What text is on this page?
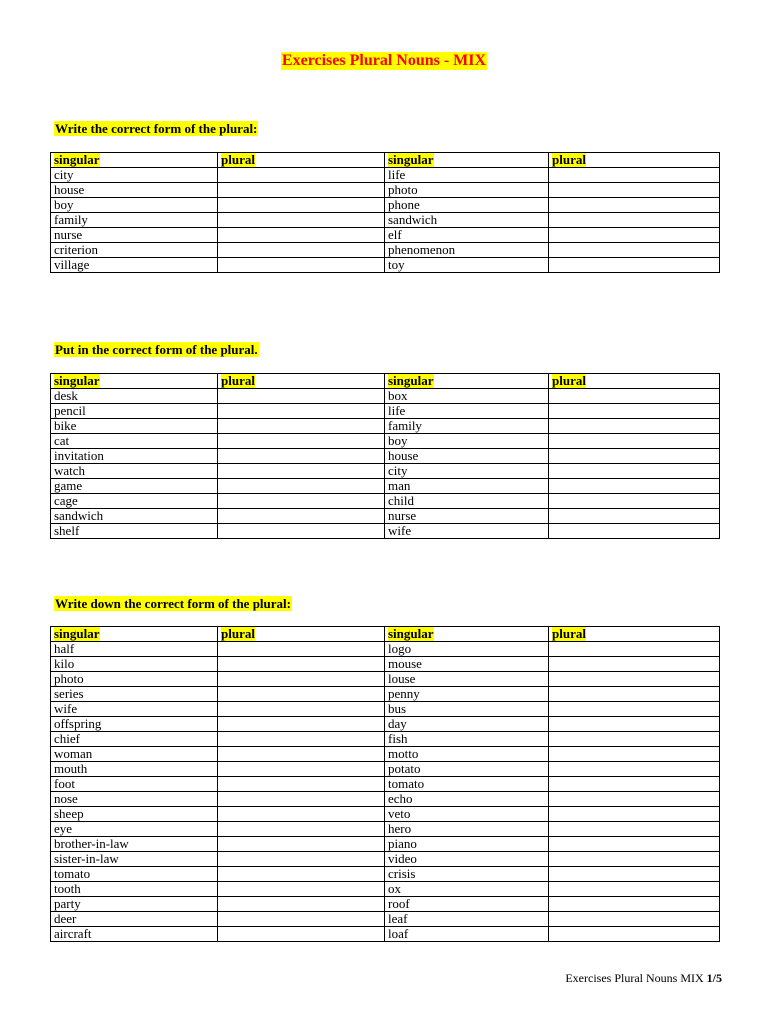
Exercises Plural Nouns - MIX
Write the correct form of the plural:
singular	plural	singular	plural
city		life	
house		photo	
boy		phone	
family		sandwich	
nurse		elf	
criterion		phenomenon	
village		toy	
Put in the correct form of the plural.
singular	plural	singular	plural
desk		box	
pencil		life	
bike		family	
cat		boy	
invitation		house	
watch		city	
game		man	
cage		child	
sandwich		nurse	
shelf		wife	
Write down the correct form of the plural:
singular	plural	singular	plural
half		logo	
kilo		mouse	
photo		louse	
series		penny	
wife		bus	
offspring		day	
chief		fish	
woman		motto	
mouth		potato	
foot		tomato	
nose		echo	
sheep		veto	
eye		hero	
brother-in-law		piano	
sister-in-law		video	
tomato		crisis	
tooth		ox	
party		roof	
deer		leaf	
aircraft		loaf	
Exercises Plural Nouns MIX 1/5
